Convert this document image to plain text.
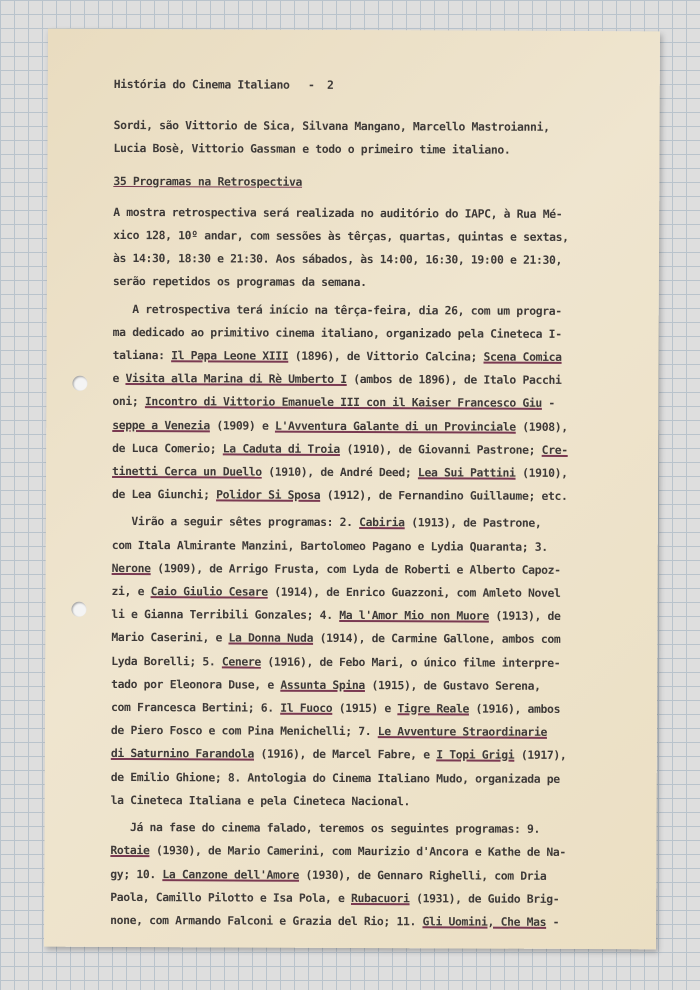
História do Cinema Italiano - 2
Sordi, são Vittorio de Sica, Silvana Mangano, Marcello Mastroianni,
Lucia Bosè, Vittorio Gassman e todo o primeiro time italiano.
35 Programas na Retrospectiva
A mostra retrospectiva será realizada no auditório do IAPC, à Rua Mé-
xico 128, 10º andar, com sessões às têrças, quartas, quintas e sextas,
às 14:30, 18:30 e 21:30. Aos sábados, às 14:00, 16:30, 19:00 e 21:30,
serão repetidos os programas da semana.
A retrospectiva terá início na têrça-feira, dia 26, com um progra-
ma dedicado ao primitivo cinema italiano, organizado pela Cineteca I-
taliana: Il Papa Leone XIII (1896), de Vittorio Calcina; Scena Comica
e Visita alla Marina di Rè Umberto I (ambos de 1896), de Italo Pacchi
oni; Incontro di Vittorio Emanuele III con il Kaiser Francesco Giu -
seppe a Venezia (1909) e L'Avventura Galante di un Provinciale (1908),
de Luca Comerio; La Caduta di Troia (1910), de Giovanni Pastrone; Cre-
tinetti Cerca un Duello (1910), de André Deed; Lea Sui Pattini (1910),
de Lea Giunchi; Polidor Si Sposa (1912), de Fernandino Guillaume; etc.
Virão a seguir sêtes programas: 2. Cabiria (1913), de Pastrone,
com Itala Almirante Manzini, Bartolomeo Pagano e Lydia Quaranta; 3.
Nerone (1909), de Arrigo Frusta, com Lyda de Roberti e Alberto Capoz-
zi, e Caio Giulio Cesare (1914), de Enrico Guazzoni, com Amleto Novel
li e Gianna Terribili Gonzales; 4. Ma l'Amor Mio non Muore (1913), de
Mario Caserini, e La Donna Nuda (1914), de Carmine Gallone, ambos com
Lyda Borelli; 5. Cenere (1916), de Febo Mari, o único filme interpre-
tado por Eleonora Duse, e Assunta Spina (1915), de Gustavo Serena,
com Francesca Bertini; 6. Il Fuoco (1915) e Tigre Reale (1916), ambos
de Piero Fosco e com Pina Menichelli; 7. Le Avventure Straordinarie
di Saturnino Farandola (1916), de Marcel Fabre, e I Topi Grigi (1917),
de Emilio Ghione; 8. Antologia do Cinema Italiano Mudo, organizada pe
la Cineteca Italiana e pela Cineteca Nacional.
Já na fase do cinema falado, teremos os seguintes programas: 9.
Rotaie (1930), de Mario Camerini, com Maurizio d'Ancora e Kathe de Na-
gy; 10. La Canzone dell'Amore (1930), de Gennaro Righelli, com Dria
Paola, Camillo Pilotto e Isa Pola, e Rubacuori (1931), de Guido Brig-
none, com Armando Falconi e Grazia del Rio; 11. Gli Uomini, Che Mas -
